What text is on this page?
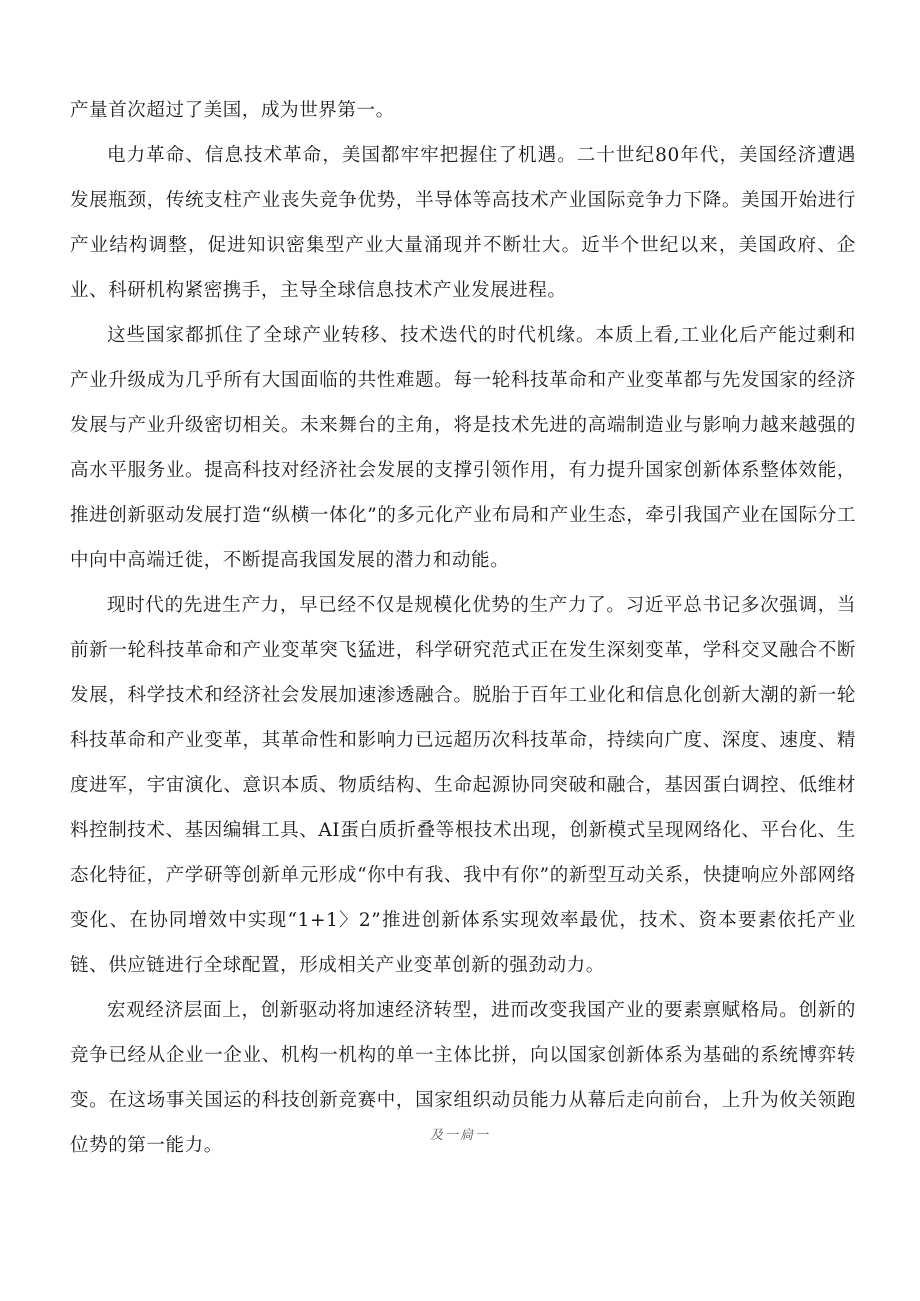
产量首次超过了美国，成为世界第一。

电力革命、信息技术革命，美国都牢牢把握住了机遇。二十世纪80年代，美国经济遭遇发展瓶颈，传统支柱产业丧失竞争优势，半导体等高技术产业国际竞争力下降。美国开始进行产业结构调整，促进知识密集型产业大量涌现并不断壮大。近半个世纪以来，美国政府、企业、科研机构紧密携手，主导全球信息技术产业发展进程。

这些国家都抓住了全球产业转移、技术迭代的时代机缘。本质上看,工业化后产能过剩和产业升级成为几乎所有大国面临的共性难题。每一轮科技革命和产业变革都与先发国家的经济发展与产业升级密切相关。未来舞台的主角，将是技术先进的高端制造业与影响力越来越强的高水平服务业。提高科技对经济社会发展的支撑引领作用，有力提升国家创新体系整体效能，推进创新驱动发展打造“纵横一体化”的多元化产业布局和产业生态，牵引我国产业在国际分工中向中高端迁徙，不断提高我国发展的潜力和动能。

现时代的先进生产力，早已经不仅是规模化优势的生产力了。习近平总书记多次强调，当前新一轮科技革命和产业变革突飞猛进，科学研究范式正在发生深刻变革，学科交叉融合不断发展，科学技术和经济社会发展加速渗透融合。脱胎于百年工业化和信息化创新大潮的新一轮科技革命和产业变革，其革命性和影响力已远超历次科技革命，持续向广度、深度、速度、精度进军，宇宙演化、意识本质、物质结构、生命起源协同突破和融合，基因蛋白调控、低维材料控制技术、基因编辑工具、AI蛋白质折叠等根技术出现，创新模式呈现网络化、平台化、生态化特征，产学研等创新单元形成“你中有我、我中有你”的新型互动关系，快捷响应外部网络变化、在协同增效中实现“1+1〉2”推进创新体系实现效率最优，技术、资本要素依托产业链、供应链进行全球配置，形成相关产业变革创新的强劲动力。

宏观经济层面上，创新驱动将加速经济转型，进而改变我国产业的要素禀赋格局。创新的竞争已经从企业一企业、机构一机构的单一主体比拼，向以国家创新体系为基础的系统博弈转变。在这场事关国运的科技创新竞赛中，国家组织动员能力从幕后走向前台，上升为攸关领跑位势的第一能力。	及一扃一
